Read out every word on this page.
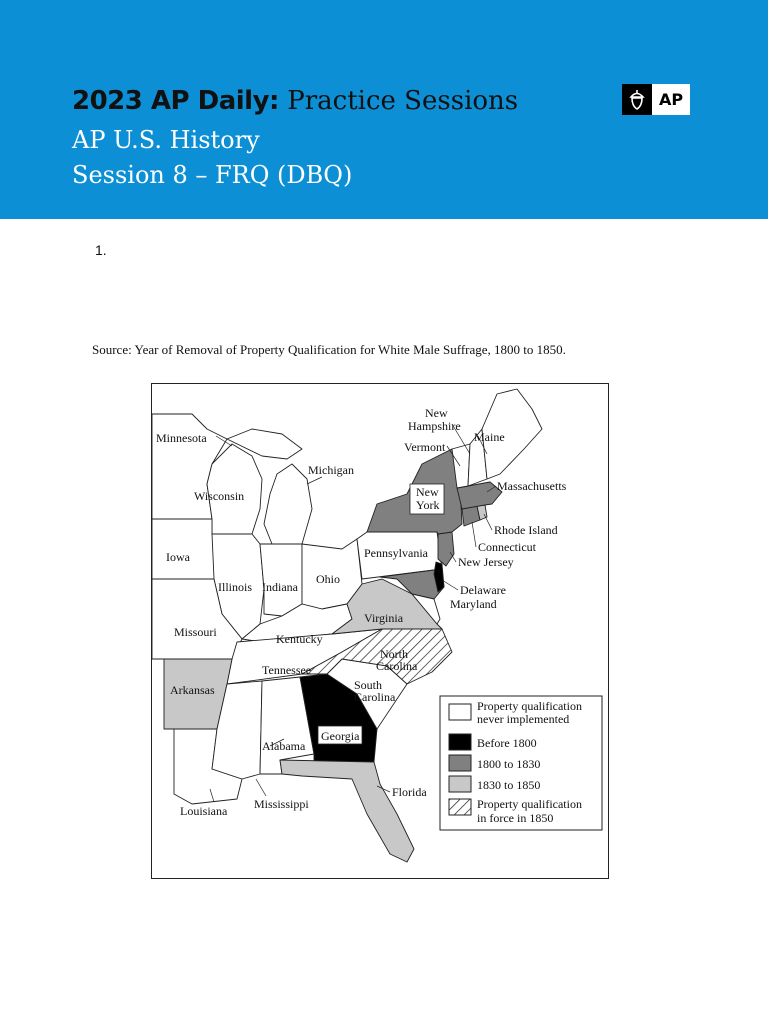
2023 AP Daily: Practice Sessions
AP U.S. History
Session 8 – FRQ (DBQ)
AP
1.
Source: Year of Removal of Property Qualification for White Male Suffrage, 1800 to 1850.
Minnesota
Wisconsin
Michigan
Iowa
Illinois Indiana
Ohio
Missouri	Kentucky
Tennessee
Arkansas
Louisiana Mississippi
Alabama
Georgia
Florida
South
Carolina
North
Carolina
Virginia
Pennsylvania
New
York
Vermont
New
Hampshire
Maine
Massachusetts
Rhode Island
Connecticut
New Jersey
Delaware
Maryland
Property qualification
never implemented
Before 1800
1800 to 1830
1830 to 1850
Property qualification
in force in 1850
